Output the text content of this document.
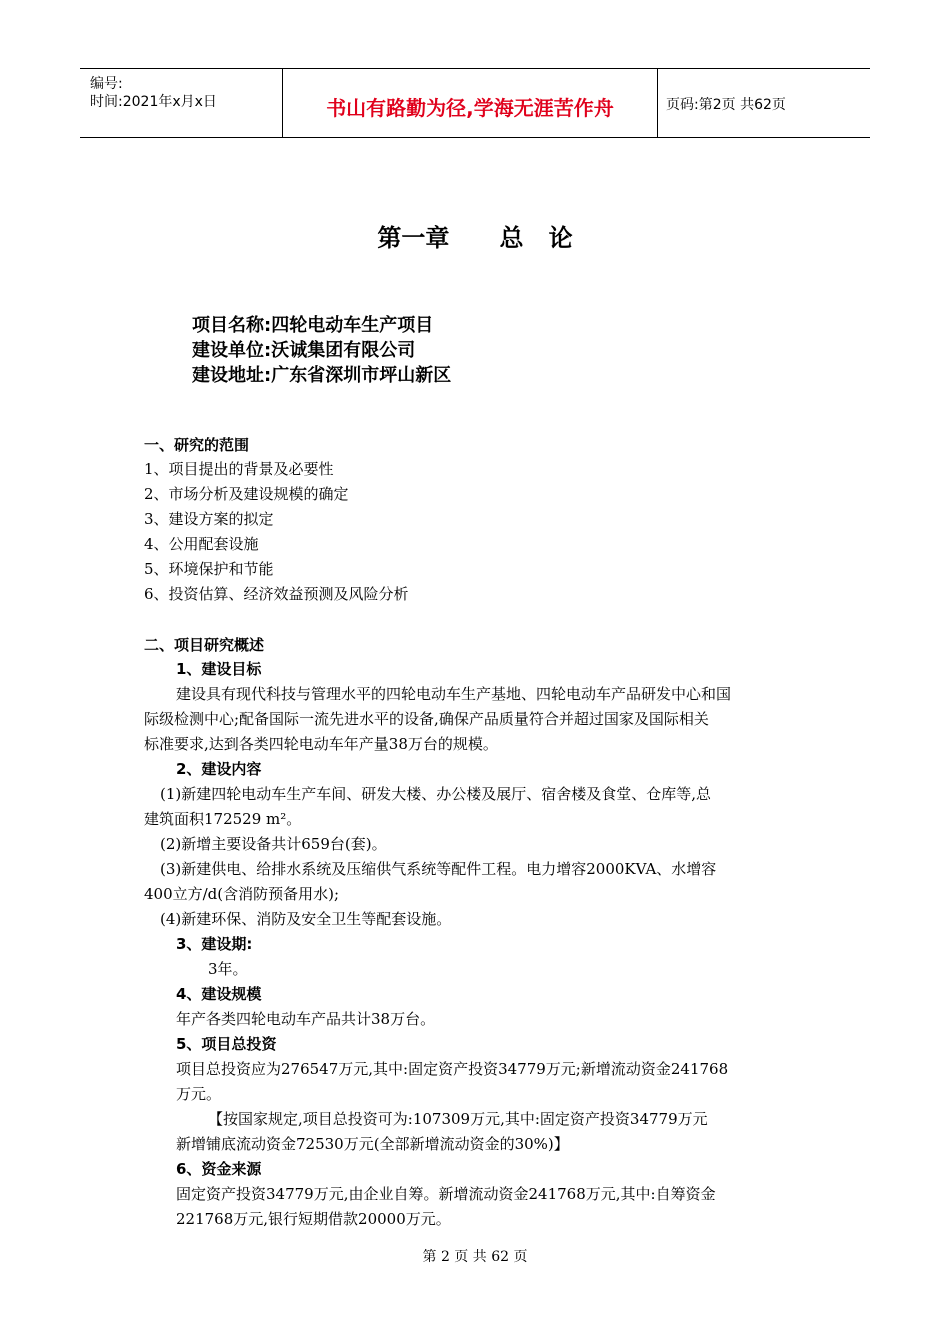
编号:
时间:2021年x月x日	书山有路勤为径,学海无涯苦作舟	页码:第2页 共62页
第一章      总   论
项目名称:四轮电动车生产项目
建设单位:沃诚集团有限公司
建设地址:广东省深圳市坪山新区
一、研究的范围
1、项目提出的背景及必要性
2、市场分析及建设规模的确定
3、建设方案的拟定
4、公用配套设施
5、环境保护和节能
6、投资估算、经济效益预测及风险分析
二、项目研究概述
1、建设目标
建设具有现代科技与管理水平的四轮电动车生产基地、四轮电动车产品研发中心和国
际级检测中心;配备国际一流先进水平的设备,确保产品质量符合并超过国家及国际相关
标准要求,达到各类四轮电动车年产量38万台的规模。
2、建设内容
(1)新建四轮电动车生产车间、研发大楼、办公楼及展厅、宿舍楼及食堂、仓库等,总
建筑面积172529 m²。
(2)新增主要设备共计659台(套)。
(3)新建供电、给排水系统及压缩供气系统等配件工程。电力增容2000KVA、水增容
400立方/d(含消防预备用水);
(4)新建环保、消防及安全卫生等配套设施。
3、建设期:
3年。
4、建设规模
年产各类四轮电动车产品共计38万台。
5、项目总投资
项目总投资应为276547万元,其中:固定资产投资34779万元;新增流动资金241768
万元。
【按国家规定,项目总投资可为:107309万元,其中:固定资产投资34779万元
新增铺底流动资金72530万元(全部新增流动资金的30%)】
6、资金来源
固定资产投资34779万元,由企业自筹。新增流动资金241768万元,其中:自筹资金
221768万元,银行短期借款20000万元。
第 2 页 共 62 页
